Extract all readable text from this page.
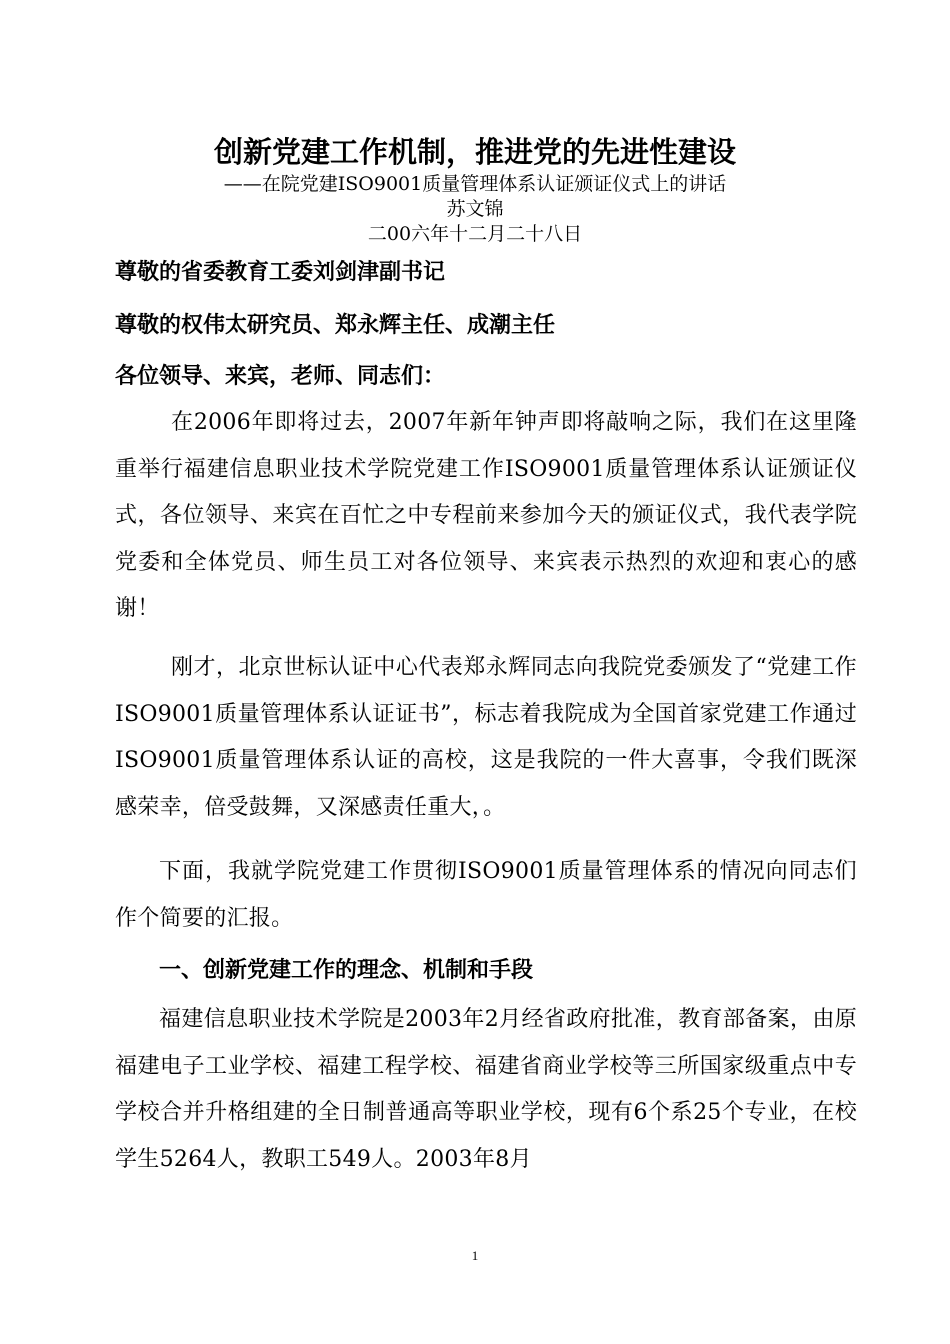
创新党建工作机制，推进党的先进性建设

——在院党建ISO9001质量管理体系认证颁证仪式上的讲话

苏文锦

二00六年十二月二十八日

尊敬的省委教育工委刘剑津副书记

尊敬的权伟太研究员、郑永辉主任、成潮主任

各位领导、来宾，老师、同志们：

在2006年即将过去，2007年新年钟声即将敲响之际，我们在这里隆重举行福建信息职业技术学院党建工作ISO9001质量管理体系认证颁证仪式，各位领导、来宾在百忙之中专程前来参加今天的颁证仪式，我代表学院党委和全体党员、师生员工对各位领导、来宾表示热烈的欢迎和衷心的感谢！

刚才，北京世标认证中心代表郑永辉同志向我院党委颁发了“党建工作ISO9001质量管理体系认证证书”，标志着我院成为全国首家党建工作通过ISO9001质量管理体系认证的高校，这是我院的一件大喜事，令我们既深感荣幸，倍受鼓舞，又深感责任重大，。

下面，我就学院党建工作贯彻ISO9001质量管理体系的情况向同志们作个简要的汇报。

一、创新党建工作的理念、机制和手段

福建信息职业技术学院是2003年2月经省政府批准，教育部备案，由原福建电子工业学校、福建工程学校、福建省商业学校等三所国家级重点中专学校合并升格组建的全日制普通高等职业学校，现有6个系25个专业，在校学生5264人，教职工549人。2003年8月

1
